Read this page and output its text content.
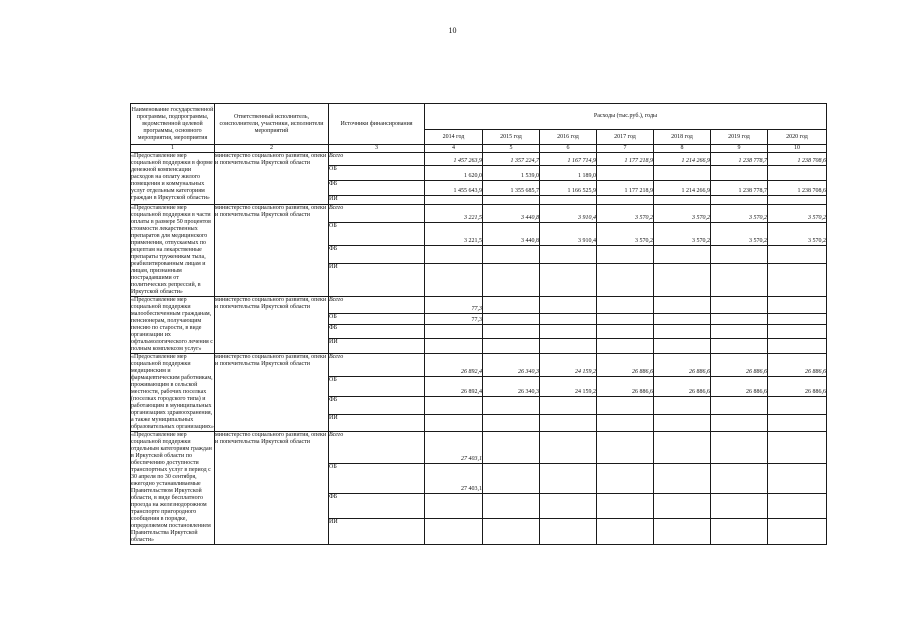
10
Наименование государственной программы, подпрограммы, ведомственной целевой программы, основного мероприятия, мероприятия	Ответственный исполнитель, соисполнители, участники, исполнители мероприятий	Источники финансирования	Расходы (тыс.руб.), годы						
			2014 год	2015 год	2016 год	2017 год	2018 год	2019 год	2020 год
1	2	3	4	5	6	7	8	9	10
«Предоставление мер социальной поддержки в форме денежной компенсации расходов на оплату жилого помещения и коммунальных услуг отдельным категориям граждан в Иркутской области»	министерство социального развития, опеки и попечительства Иркутской области	Всего	1 457 263,9	1 357 224,7	1 167 714,9	1 177 218,9	1 214 266,9	1 238 778,7	1 238 708,6
		ОБ	1 620,0	1 539,0	1 189,0				
		ФБ	1 455 643,9	1 355 685,7	1 166 525,9	1 177 218,9	1 214 266,9	1 238 778,7	1 238 708,6
		ИИ							
«Предоставление мер социальной поддержки в части оплаты в размере 50 процентов стоимости лекарственных препаратов для медицинского применения, отпускаемых по рецептам на лекарственные препараты труженикам тыла, реабилитированным лицам и лицам, признанным пострадавшими от политических репрессий, в Иркутской области»	министерство социального развития, опеки и попечительства Иркутской области	Всего	3 221,5	3 440,8	3 910,4	3 570,2	3 570,2	3 570,2	3 570,2
		ОБ	3 221,5	3 440,8	3 910,4	3 570,2	3 570,2	3 570,2	3 570,2
		ФБ							
		ИИ							
«Предоставление мер социальной поддержки малообеспеченным гражданам, пенсионерам, получающим пенсию по старости, в виде организации их офтальмологического лечения с полным комплексом услуг»	министерство социального развития, опеки и попечительства Иркутской области	Всего	77,3						
		ОБ	77,3						
		ФБ							
		ИИ							
«Предоставление мер социальной поддержки медицинским и фармацевтическим работникам, проживающим в сельской местности, рабочих поселках (поселках городского типа) и работающим в муниципальных организациях здравоохранения, а также муниципальных образовательных организациях»	министерство социального развития, опеки и попечительства Иркутской области	Всего	26 892,4	26 340,3	24 159,2	26 886,6	26 886,6	26 886,6	26 886,6
		ОБ	26 892,4	26 340,3	24 159,2	26 886,6	26 886,6	26 886,6	26 886,6
		ФБ							
		ИИ							
«Предоставление мер социальной поддержки отдельным категориям граждан в Иркутской области по обеспечению доступности транспортных услуг в период с 30 апреля по 30 сентября, ежегодно устанавливаемые Правительством Иркутской области, в виде бесплатного проезда на железнодорожном транспорте пригородного сообщения в порядке, определяемом постановлением Правительства Иркутской области»	министерство социального развития, опеки и попечительства Иркутской области	Всего	27 403,1						
		ОБ	27 403,1						
		ФБ							
		ИИ							
